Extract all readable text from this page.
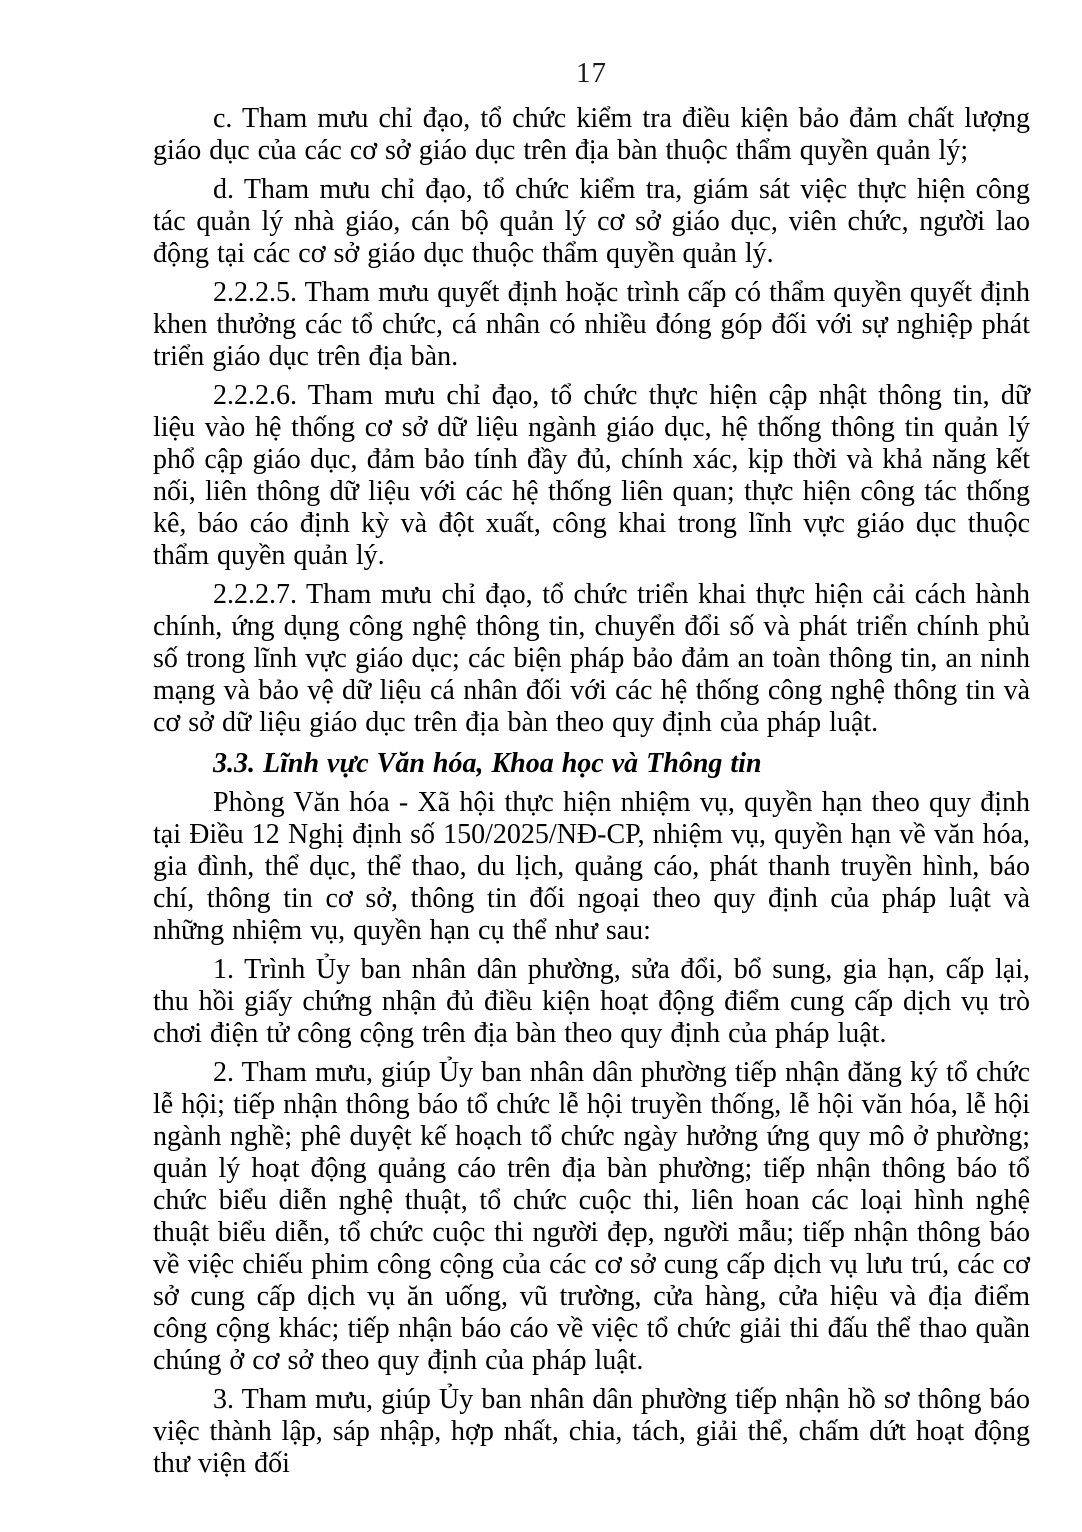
17

c. Tham mưu chỉ đạo, tổ chức kiểm tra điều kiện bảo đảm chất lượng giáo dục của các cơ sở giáo dục trên địa bàn thuộc thẩm quyền quản lý;

d. Tham mưu chỉ đạo, tổ chức kiểm tra, giám sát việc thực hiện công tác quản lý nhà giáo, cán bộ quản lý cơ sở giáo dục, viên chức, người lao động tại các cơ sở giáo dục thuộc thẩm quyền quản lý.

2.2.2.5. Tham mưu quyết định hoặc trình cấp có thẩm quyền quyết định khen thưởng các tổ chức, cá nhân có nhiều đóng góp đối với sự nghiệp phát triển giáo dục trên địa bàn.

2.2.2.6. Tham mưu chỉ đạo, tổ chức thực hiện cập nhật thông tin, dữ liệu vào hệ thống cơ sở dữ liệu ngành giáo dục, hệ thống thông tin quản lý phổ cập giáo dục, đảm bảo tính đầy đủ, chính xác, kịp thời và khả năng kết nối, liên thông dữ liệu với các hệ thống liên quan; thực hiện công tác thống kê, báo cáo định kỳ và đột xuất, công khai trong lĩnh vực giáo dục thuộc thẩm quyền quản lý.

2.2.2.7. Tham mưu chỉ đạo, tổ chức triển khai thực hiện cải cách hành chính, ứng dụng công nghệ thông tin, chuyển đổi số và phát triển chính phủ số trong lĩnh vực giáo dục; các biện pháp bảo đảm an toàn thông tin, an ninh mạng và bảo vệ dữ liệu cá nhân đối với các hệ thống công nghệ thông tin và cơ sở dữ liệu giáo dục trên địa bàn theo quy định của pháp luật.

3.3. Lĩnh vực Văn hóa, Khoa học và Thông tin

Phòng Văn hóa - Xã hội thực hiện nhiệm vụ, quyền hạn theo quy định tại Điều 12 Nghị định số 150/2025/NĐ-CP, nhiệm vụ, quyền hạn về văn hóa, gia đình, thể dục, thể thao, du lịch, quảng cáo, phát thanh truyền hình, báo chí, thông tin cơ sở, thông tin đối ngoại theo quy định của pháp luật và những nhiệm vụ, quyền hạn cụ thể như sau:

1. Trình Ủy ban nhân dân phường, sửa đổi, bổ sung, gia hạn, cấp lại, thu hồi giấy chứng nhận đủ điều kiện hoạt động điểm cung cấp dịch vụ trò chơi điện tử công cộng trên địa bàn theo quy định của pháp luật.

2. Tham mưu, giúp Ủy ban nhân dân phường tiếp nhận đăng ký tổ chức lễ hội; tiếp nhận thông báo tổ chức lễ hội truyền thống, lễ hội văn hóa, lễ hội ngành nghề; phê duyệt kế hoạch tổ chức ngày hưởng ứng quy mô ở phường; quản lý hoạt động quảng cáo trên địa bàn phường; tiếp nhận thông báo tổ chức biểu diễn nghệ thuật, tổ chức cuộc thi, liên hoan các loại hình nghệ thuật biểu diễn, tổ chức cuộc thi người đẹp, người mẫu; tiếp nhận thông báo về việc chiếu phim công cộng của các cơ sở cung cấp dịch vụ lưu trú, các cơ sở cung cấp dịch vụ ăn uống, vũ trường, cửa hàng, cửa hiệu và địa điểm công cộng khác; tiếp nhận báo cáo về việc tổ chức giải thi đấu thể thao quần chúng ở cơ sở theo quy định của pháp luật.

3. Tham mưu, giúp Ủy ban nhân dân phường tiếp nhận hồ sơ thông báo việc thành lập, sáp nhập, hợp nhất, chia, tách, giải thể, chấm dứt hoạt động thư viện đối
